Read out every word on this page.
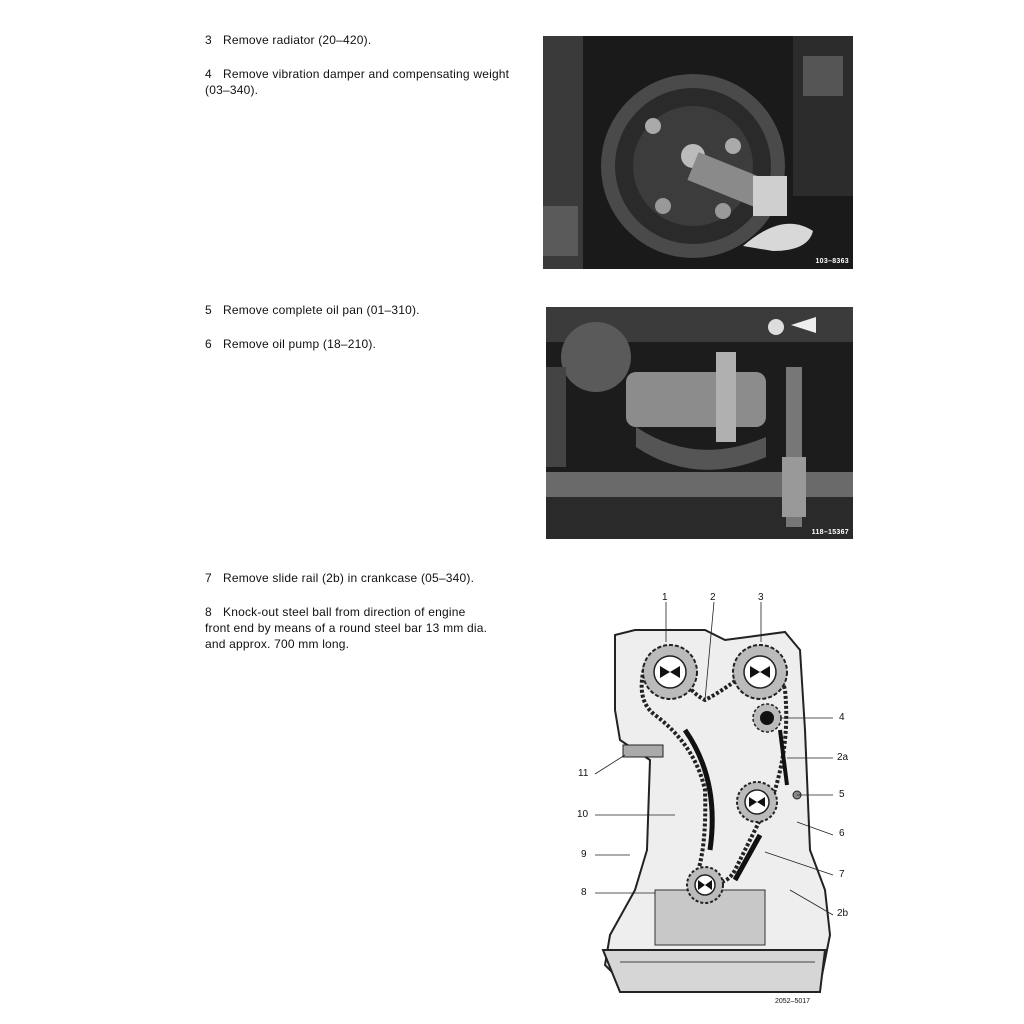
3 Remove radiator (20–420).
4 Remove vibration damper and compensating weight
(03–340).
5 Remove complete oil pan (01–310).
6 Remove oil pump (18–210).
7 Remove slide rail (2b) in crankcase (05–340).
8 Knock-out steel ball from direction of engine
front end by means of a round steel bar 13 mm dia.
and approx. 700 mm long.
103–8363
118–15367
1	2	3
4
2a
5
6
7
2b
8
9
10
11
2052–5017
